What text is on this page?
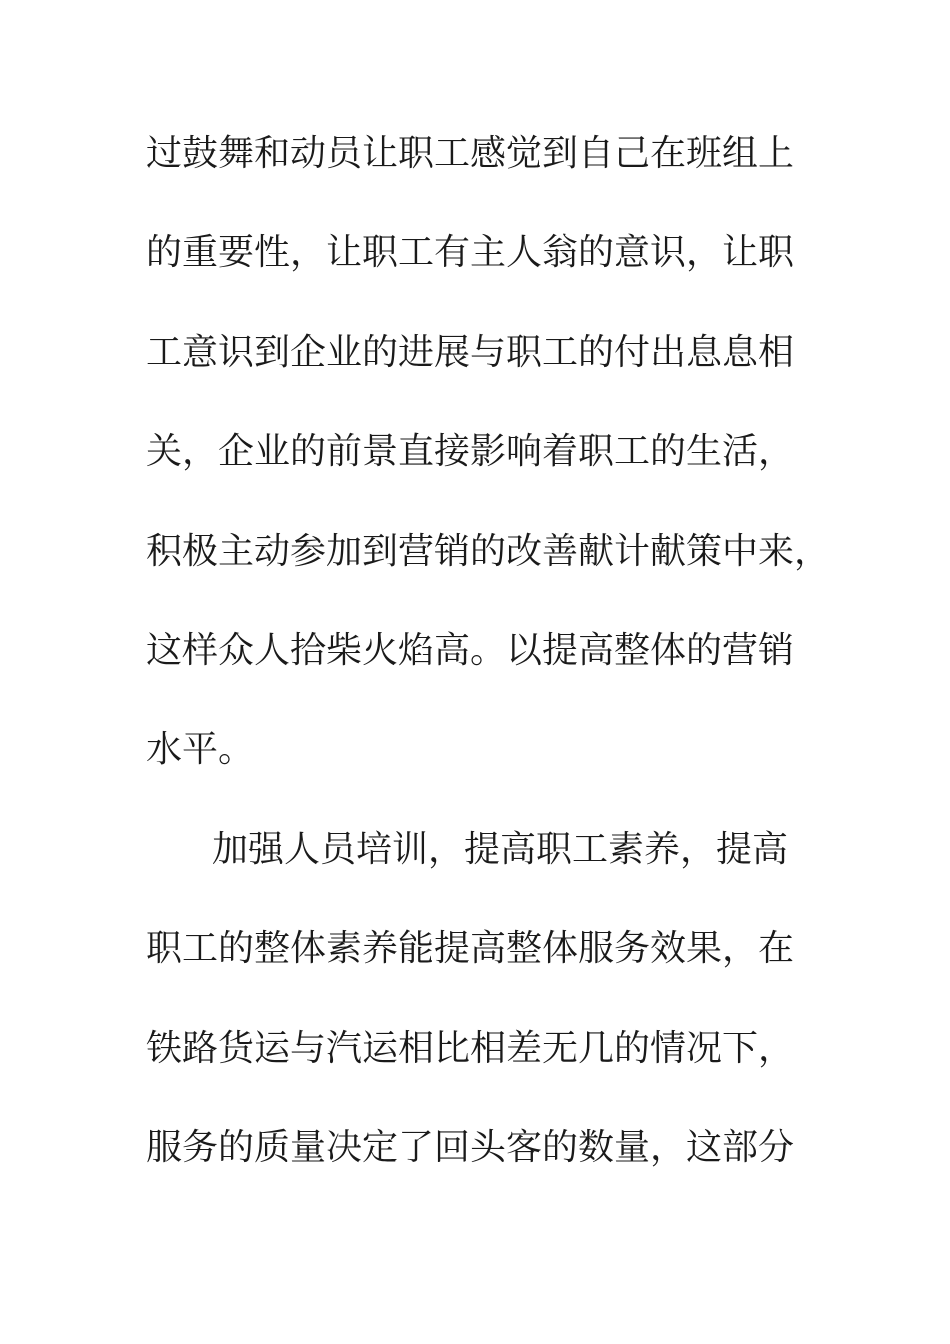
过鼓舞和动员让职工感觉到自己在班组上
的重要性，让职工有主人翁的意识，让职
工意识到企业的进展与职工的付出息息相
关，企业的前景直接影响着职工的生活，
积极主动参加到营销的改善献计献策中来，
这样众人拾柴火焰高。以提高整体的营销
水平。
加强人员培训，提高职工素养，提高
职工的整体素养能提高整体服务效果，在
铁路货运与汽运相比相差无几的情况下，
服务的质量决定了回头客的数量，这部分
